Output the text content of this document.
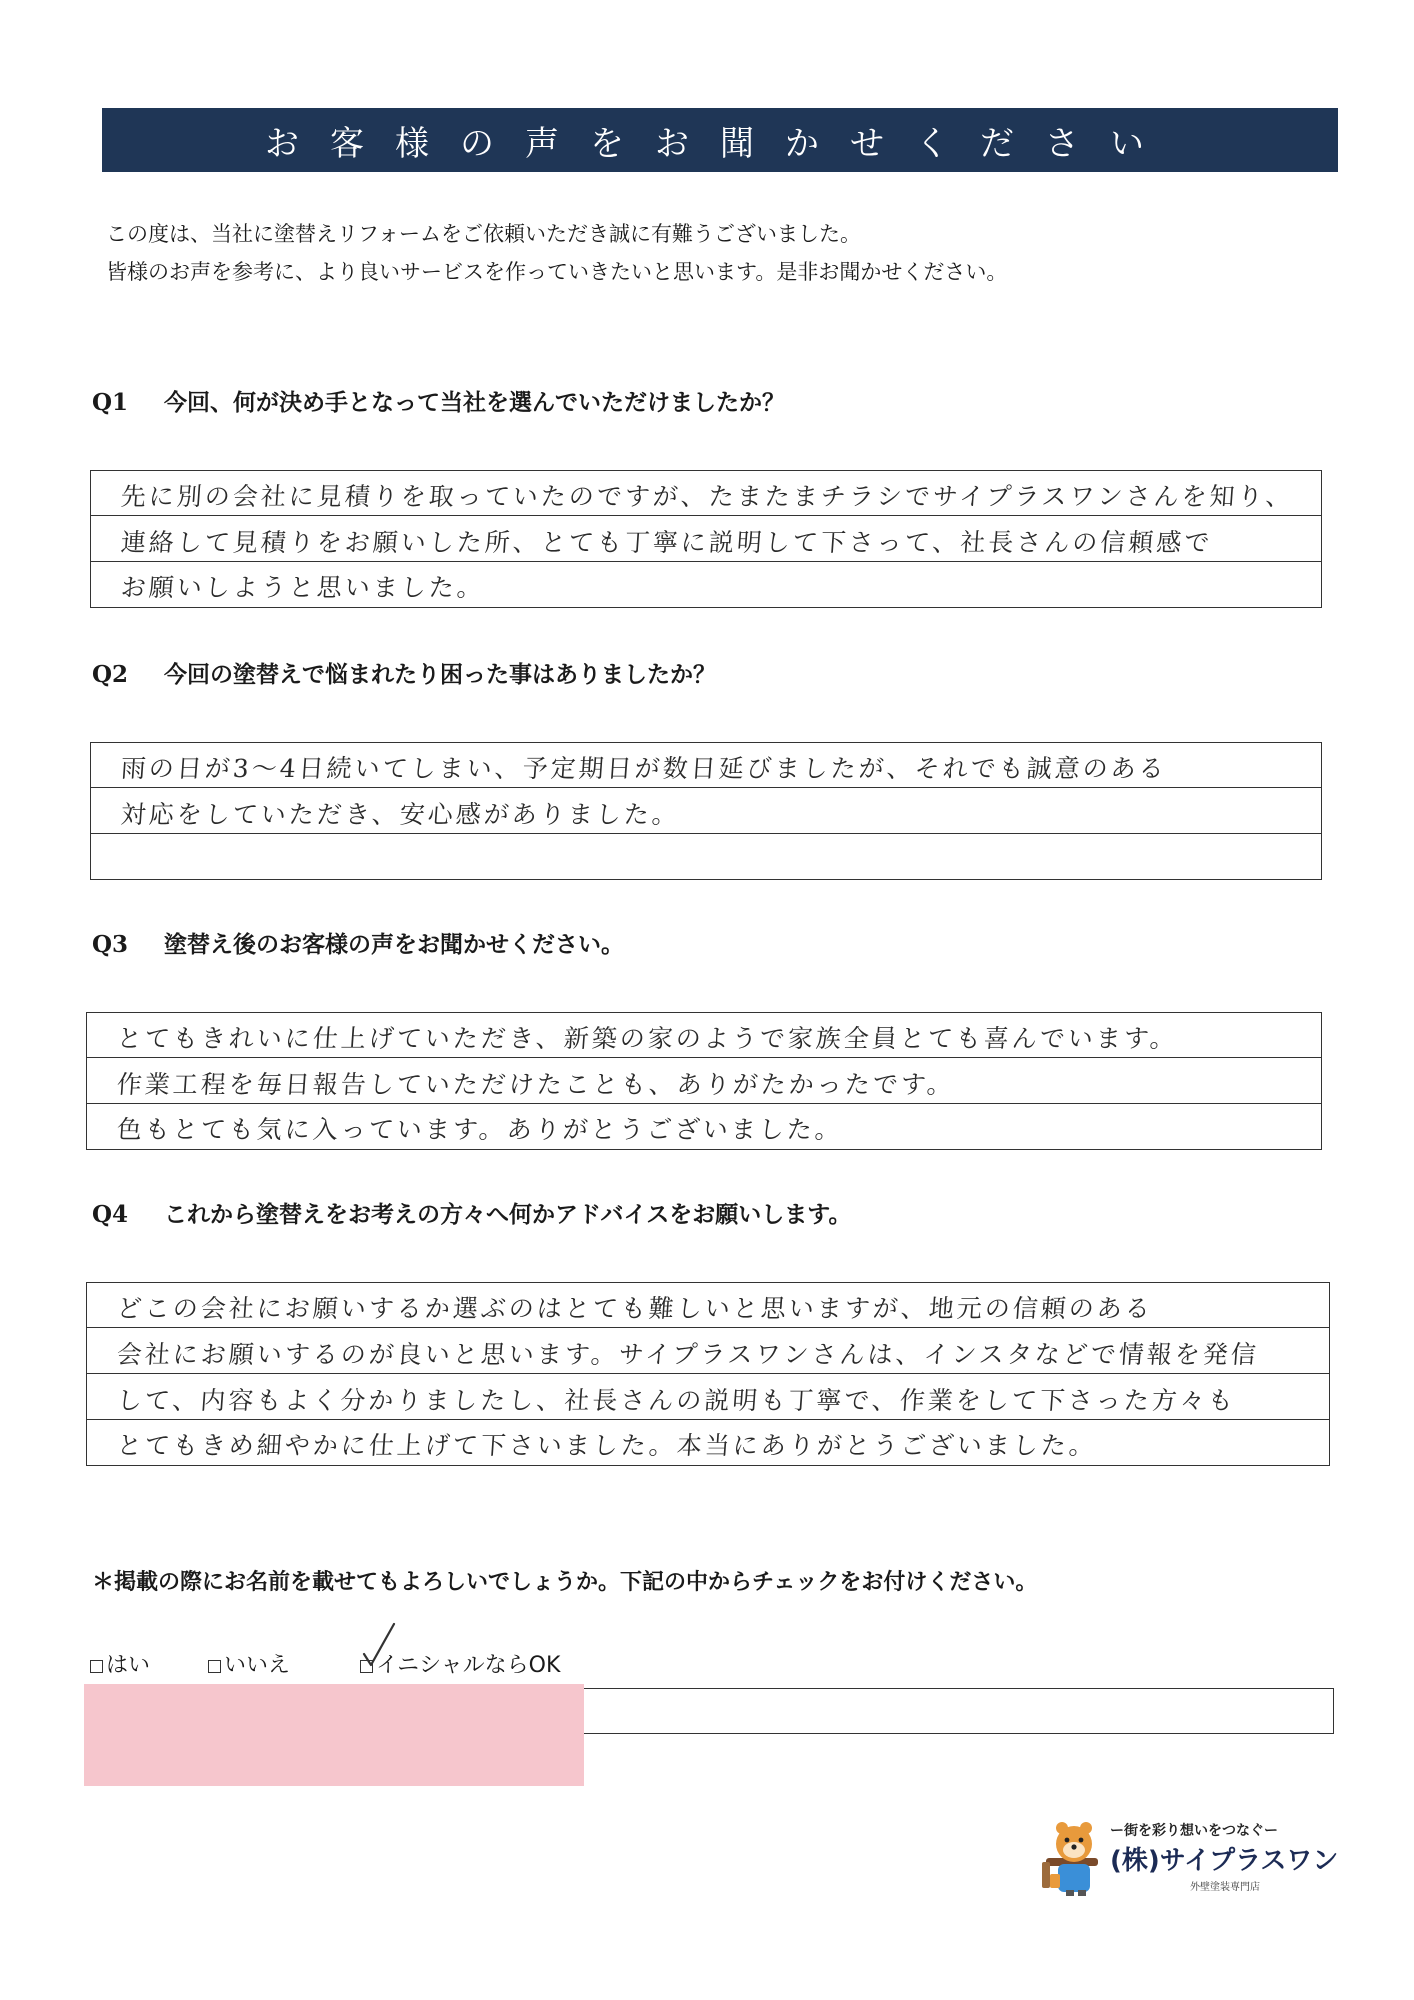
お客様の声をお聞かせください
この度は、当社に塗替えリフォームをご依頼いただき誠に有難うございました。
皆様のお声を参考に、より良いサービスを作っていきたいと思います。是非お聞かせください。
Q1 今回、何が決め手となって当社を選んでいただけましたか？
先に別の会社に見積りを取っていたのですが、たまたまチラシでサイプラスワンさんを知り、
連絡して見積りをお願いした所、とても丁寧に説明して下さって、社長さんの信頼感で
お願いしようと思いました。
Q2 今回の塗替えで悩まれたり困った事はありましたか？
雨の日が3〜4日続いてしまい、予定期日が数日延びましたが、それでも誠意のある
対応をしていただき、安心感がありました。
Q3 塗替え後のお客様の声をお聞かせください。
とてもきれいに仕上げていただき、新築の家のようで家族全員とても喜んでいます。
作業工程を毎日報告していただけたことも、ありがたかったです。
色もとても気に入っています。ありがとうございました。
Q4 これから塗替えをお考えの方々へ何かアドバイスをお願いします。
どこの会社にお願いするか選ぶのはとても難しいと思いますが、地元の信頼のある
会社にお願いするのが良いと思います。サイプラスワンさんは、インスタなどで情報を発信
して、内容もよく分かりましたし、社長さんの説明も丁寧で、作業をして下さった方々も
とてもきめ細やかに仕上げて下さいました。本当にありがとうございました。
＊掲載の際にお名前を載せてもよろしいでしょうか。下記の中からチェックをお付けください。
はい	いいえ	イニシャルならOK
ー街を彩り想いをつなぐー
(株)サイプラスワン
外壁塗装専門店
